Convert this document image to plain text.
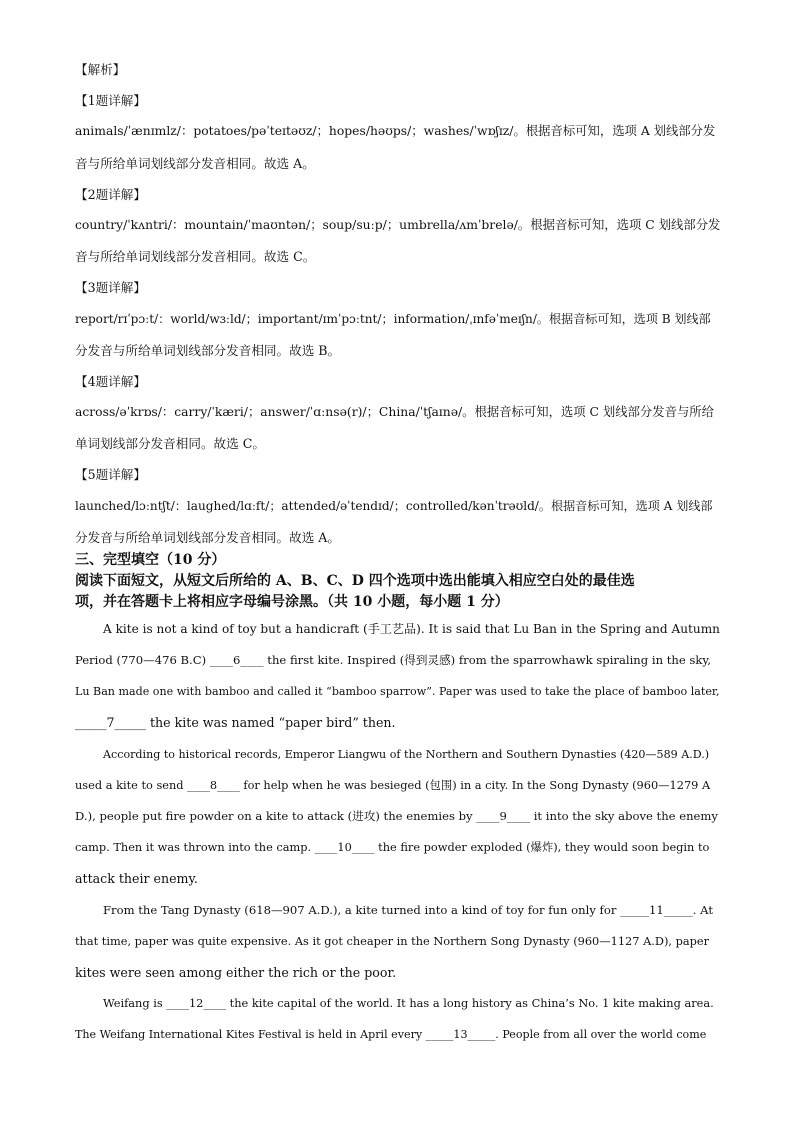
【解析】
【1题详解】
animals/ˈænɪmlz/：potatoes/pəˈteɪtəʊz/；hopes/həʊps/；washes/ˈwɒʃɪz/。根据音标可知，选项 A 划线部分发
音与所给单词划线部分发音相同。故选 A。
【2题详解】
country/ˈkʌntri/：mountain/ˈmaʊntən/；soup/suːp/；umbrella/ʌmˈbrelə/。根据音标可知，选项 C 划线部分发
音与所给单词划线部分发音相同。故选 C。
【3题详解】
report/rɪˈpɔːt/：world/wɜːld/；important/ɪmˈpɔːtnt/；information/ˌɪnfəˈmeɪʃn/。根据音标可知，选项 B 划线部
分发音与所给单词划线部分发音相同。故选 B。
【4题详解】
across/əˈkrɒs/：carry/ˈkæri/；answer/ˈɑːnsə(r)/；China/ˈtʃaɪnə/。根据音标可知，选项 C 划线部分发音与所给
单词划线部分发音相同。故选 C。
【5题详解】
launched/lɔːntʃt/：laughed/lɑːft/；attended/əˈtendɪd/；controlled/kənˈtrəʊld/。根据音标可知，选项 A 划线部
分发音与所给单词划线部分发音相同。故选 A。
三、完型填空（10 分）
阅读下面短文，从短文后所给的 A、B、C、D 四个选项中选出能填入相应空白处的最佳选
项，并在答题卡上将相应字母编号涂黑。（共 10 小题，每小题 1 分）
A kite is not a kind of toy but a handicraft (手工艺品). It is said that Lu Ban in the Spring and Autumn
Period (770—476 B.C) ____6____ the first kite. Inspired (得到灵感) from the sparrowhawk spiraling in the sky,
Lu Ban made one with bamboo and called it “bamboo sparrow”. Paper was used to take the place of bamboo later,
_____7_____ the kite was named “paper bird” then.
According to historical records, Emperor Liangwu of the Northern and Southern Dynasties (420—589 A.D.)
used a kite to send ____8____ for help when he was besieged (包围) in a city. In the Song Dynasty (960—1279 A
D.), people put fire powder on a kite to attack (进攻) the enemies by ____9____ it into the sky above the enemy
camp. Then it was thrown into the camp. ____10____ the fire powder exploded (爆炸), they would soon begin to
attack their enemy.
From the Tang Dynasty (618—907 A.D.), a kite turned into a kind of toy for fun only for _____11_____. At
that time, paper was quite expensive. As it got cheaper in the Northern Song Dynasty (960—1127 A.D), paper
kites were seen among either the rich or the poor.
Weifang is ____12____ the kite capital of the world. It has a long history as China’s No. 1 kite making area.
The Weifang International Kites Festival is held in April every _____13_____. People from all over the world come
